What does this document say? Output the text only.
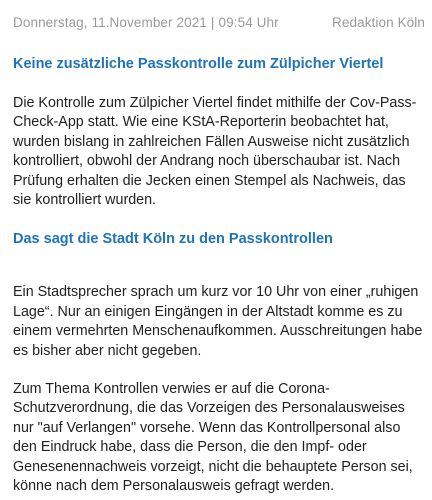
Donnerstag, 11.November 2021 | 09:54 Uhr	Redaktion Köln
Keine zusätzliche Passkontrolle zum Zülpicher Viertel

Die Kontrolle zum Zülpicher Viertel findet mithilfe der Cov-Pass-Check-App statt. Wie eine KStA-Reporterin beobachtet hat, wurden bislang in zahlreichen Fällen Ausweise nicht zusätzlich kontrolliert, obwohl der Andrang noch überschaubar ist. Nach Prüfung erhalten die Jecken einen Stempel als Nachweis, das sie kontrolliert wurden.

Das sagt die Stadt Köln zu den Passkontrollen

Ein Stadtsprecher sprach um kurz vor 10 Uhr von einer „ruhigen Lage“. Nur an einigen Eingängen in der Altstadt komme es zu einem vermehrten Menschenaufkommen. Ausschreitungen habe es bisher aber nicht gegeben.

Zum Thema Kontrollen verwies er auf die Corona-Schutzverordnung, die das Vorzeigen des Personalausweises nur "auf Verlangen" vorsehe. Wenn das Kontrollpersonal also den Eindruck habe, dass die Person, die den Impf- oder Genesenennachweis vorzeigt, nicht die behauptete Person sei, könne nach dem Personalausweis gefragt werden.
